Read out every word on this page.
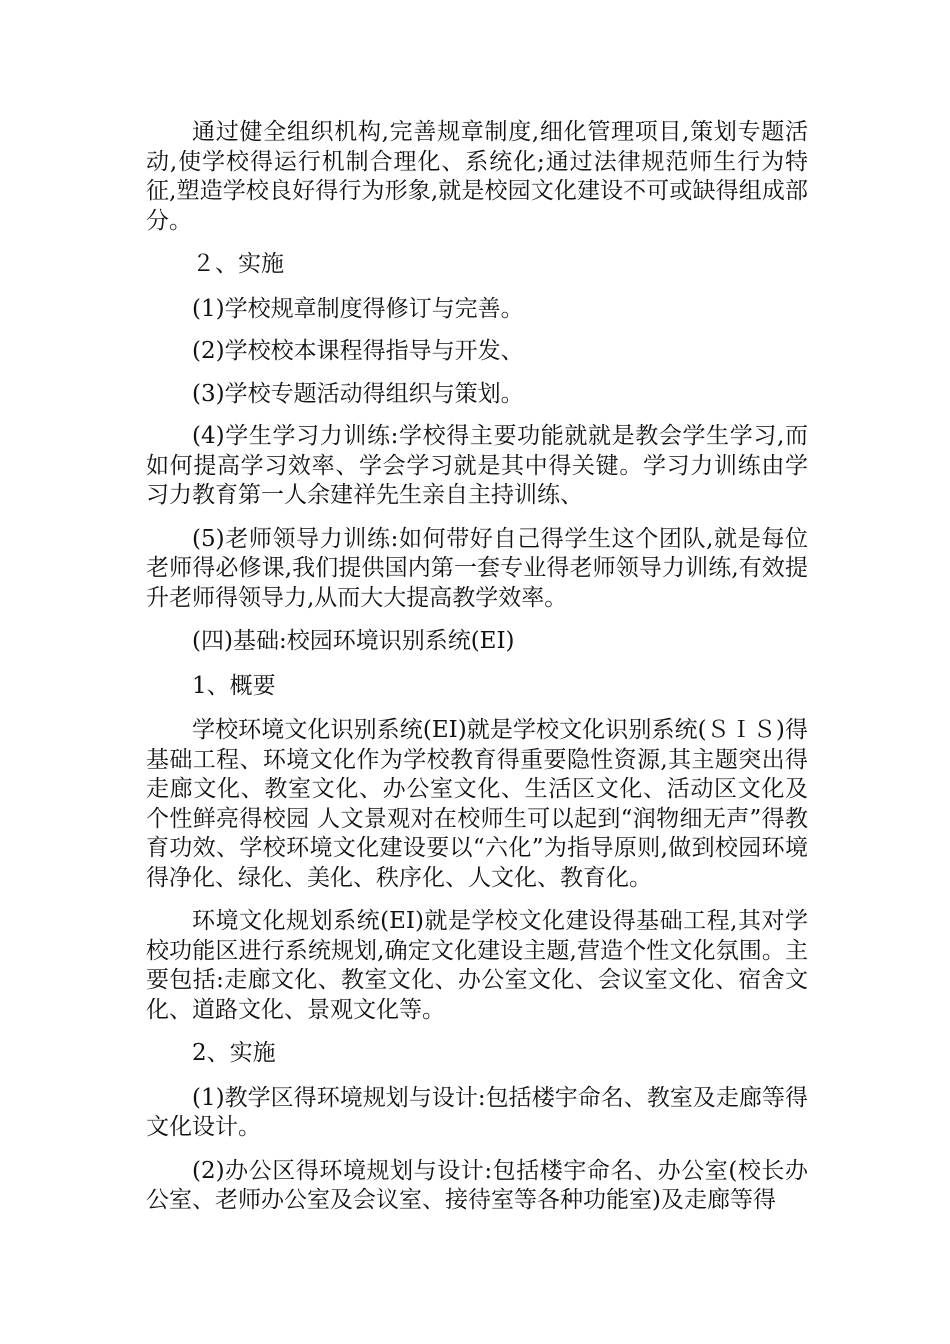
通过健全组织机构,完善规章制度,细化管理项目,策划专题活动,使学校得运行机制合理化、系统化;通过法律规范师生行为特征,塑造学校良好得行为形象,就是校园文化建设不可或缺得组成部分。

２、实施

(1)学校规章制度得修订与完善。

(2)学校校本课程得指导与开发、

(3)学校专题活动得组织与策划。

(4)学生学习力训练:学校得主要功能就就是教会学生学习,而如何提高学习效率、学会学习就是其中得关键。学习力训练由学习力教育第一人余建祥先生亲自主持训练、

(5)老师领导力训练:如何带好自己得学生这个团队,就是每位老师得必修课,我们提供国内第一套专业得老师领导力训练,有效提升老师得领导力,从而大大提高教学效率。

(四)基础:校园环境识别系统(EI)

1、概要

学校环境文化识别系统(EI)就是学校文化识别系统(ＳＩＳ)得基础工程、环境文化作为学校教育得重要隐性资源,其主题突出得走廊文化、教室文化、办公室文化、生活区文化、活动区文化及个性鲜亮得校园 人文景观对在校师生可以起到“润物细无声”得教育功效、学校环境文化建设要以“六化”为指导原则,做到校园环境得净化、绿化、美化、秩序化、人文化、教育化。

环境文化规划系统(EI)就是学校文化建设得基础工程,其对学校功能区进行系统规划,确定文化建设主题,营造个性文化氛围。主要包括:走廊文化、教室文化、办公室文化、会议室文化、宿舍文化、道路文化、景观文化等。

2、实施

(1)教学区得环境规划与设计:包括楼宇命名、教室及走廊等得文化设计。

(2)办公区得环境规划与设计:包括楼宇命名、办公室(校长办公室、老师办公室及会议室、接待室等各种功能室)及走廊等得
